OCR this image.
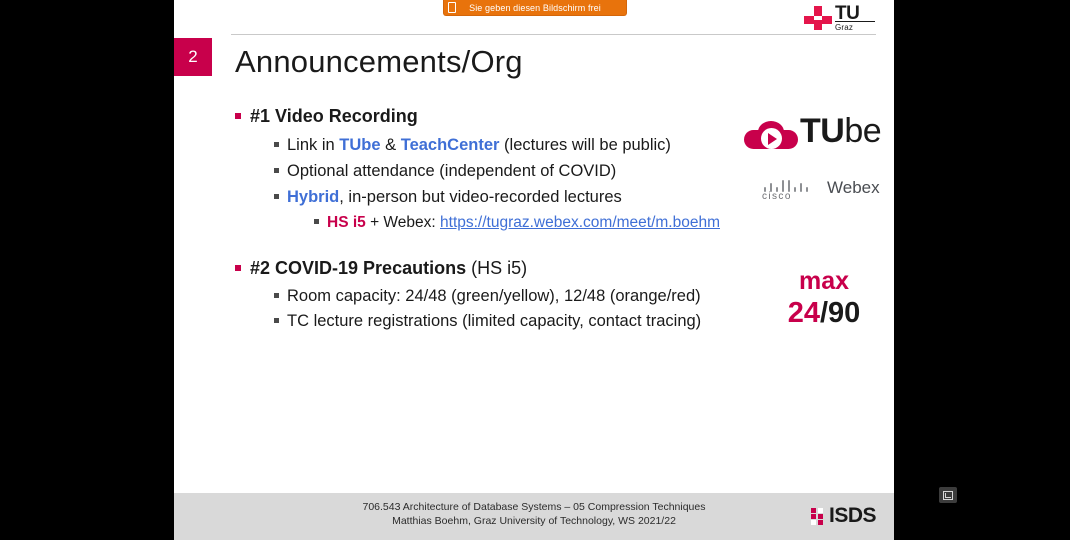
Sie geben diesen Bildschirm frei	TU
Graz
2	Announcements/Org
#1 Video Recording
Link in TUbe & TeachCenter (lectures will be public)
Optional attendance (independent of COVID)
Hybrid, in-person but video-recorded lectures
HS i5 + Webex: https://tugraz.webex.com/meet/m.boehm
#2 COVID-19 Precautions (HS i5)
Room capacity: 24/48 (green/yellow), 12/48 (orange/red)
TC lecture registrations (limited capacity, contact tracing)
TUbe
cisco Webex
max
24/90
706.543 Architecture of Database Systems – 05 Compression Techniques
Matthias Boehm, Graz University of Technology, WS 2021/22	ISDS
